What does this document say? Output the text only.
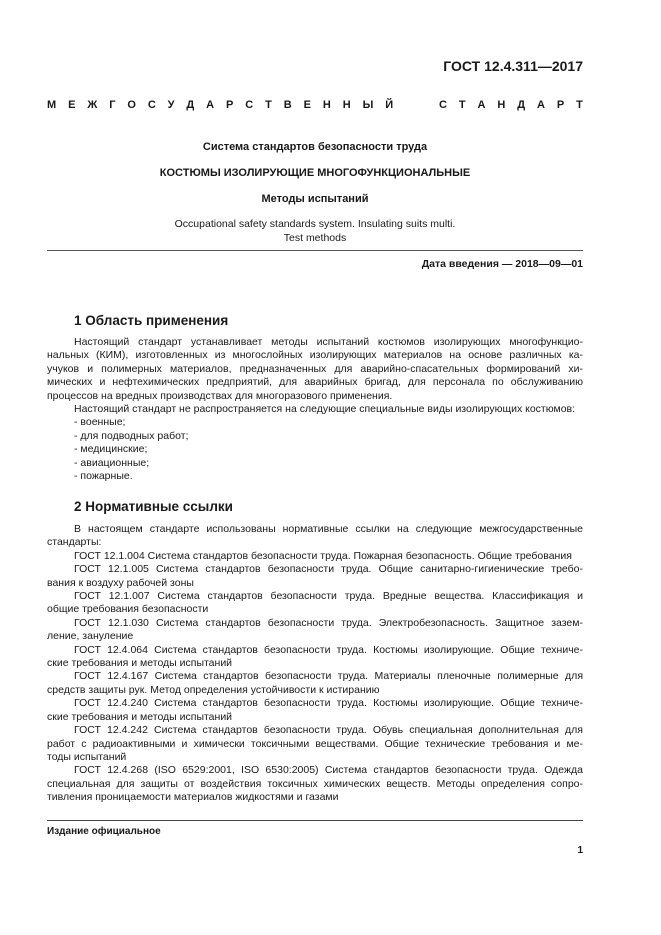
ГОСТ 12.4.311—2017
М Е Ж Г О С У Д А Р С Т В Е Н Н Ы Й	С Т А Н Д А Р Т
Система стандартов безопасности труда
КОСТЮМЫ ИЗОЛИРУЮЩИЕ МНОГОФУНКЦИОНАЛЬНЫЕ
Методы испытаний
Occupational safety standards system. Insulating suits multi.
Test methods
Дата введения — 2018—09—01
1 Область применения
Настоящий стандарт устанавливает методы испытаний костюмов изолирующих многофункцио-
нальных (КИМ), изготовленных из многослойных изолирующих материалов на основе различных ка-
учуков и полимерных материалов, предназначенных для аварийно-спасательных формирований хи-
мических и нефтехимических предприятий, для аварийных бригад, для персонала по обслуживанию
процессов на вредных производствах для многоразового применения.
Настоящий стандарт не распространяется на следующие специальные виды изолирующих костюмов:
- военные;
- для подводных работ;
- медицинские;
- авиационные;
- пожарные.
2 Нормативные ссылки
В настоящем стандарте использованы нормативные ссылки на следующие межгосударственные
стандарты:
ГОСТ 12.1.004 Система стандартов безопасности труда. Пожарная безопасность. Общие требования
ГОСТ 12.1.005 Система стандартов безопасности труда. Общие санитарно-гигиенические требо-
вания к воздуху рабочей зоны
ГОСТ 12.1.007 Система стандартов безопасности труда. Вредные вещества. Классификация и
общие требования безопасности
ГОСТ 12.1.030 Система стандартов безопасности труда. Электробезопасность. Защитное зазем-
ление, зануление
ГОСТ 12.4.064 Система стандартов безопасности труда. Костюмы изолирующие. Общие техниче-
ские требования и методы испытаний
ГОСТ 12.4.167 Система стандартов безопасности труда. Материалы пленочные полимерные для
средств защиты рук. Метод определения устойчивости к истиранию
ГОСТ 12.4.240 Система стандартов безопасности труда. Костюмы изолирующие. Общие техниче-
ские требования и методы испытаний
ГОСТ 12.4.242 Система стандартов безопасности труда. Обувь специальная дополнительная для
работ с радиоактивными и химически токсичными веществами. Общие технические требования и ме-
тоды испытаний
ГОСТ 12.4.268 (ISO 6529:2001, ISO 6530:2005) Система стандартов безопасности труда. Одежда
специальная для защиты от воздействия токсичных химических веществ. Методы определения сопро-
тивления проницаемости материалов жидкостями и газами
Издание официальное
1
